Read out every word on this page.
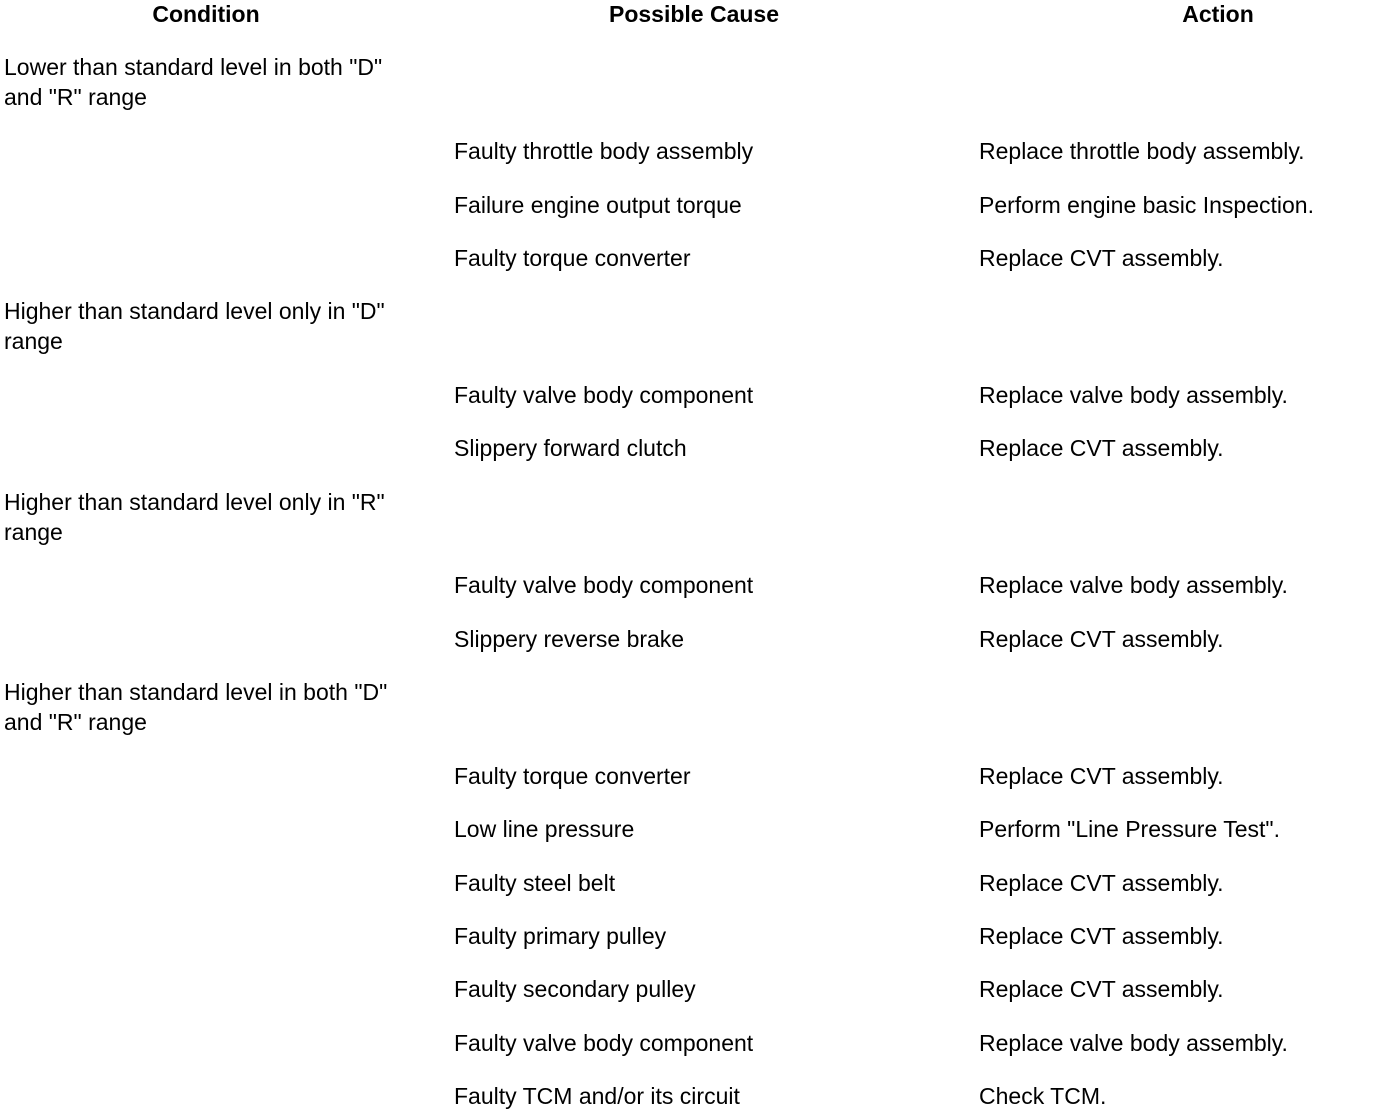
Condition	Possible Cause	Action
Lower than standard level in both "D" and "R" range
Faulty throttle body assembly	Replace throttle body assembly.
Failure engine output torque	Perform engine basic Inspection.
Faulty torque converter	Replace CVT assembly.
Higher than standard level only in "D" range
Faulty valve body component	Replace valve body assembly.
Slippery forward clutch	Replace CVT assembly.
Higher than standard level only in "R" range
Faulty valve body component	Replace valve body assembly.
Slippery reverse brake	Replace CVT assembly.
Higher than standard level in both "D" and "R" range
Faulty torque converter	Replace CVT assembly.
Low line pressure	Perform "Line Pressure Test".
Faulty steel belt	Replace CVT assembly.
Faulty primary pulley	Replace CVT assembly.
Faulty secondary pulley	Replace CVT assembly.
Faulty valve body component	Replace valve body assembly.
Faulty TCM and/or its circuit	Check TCM.
